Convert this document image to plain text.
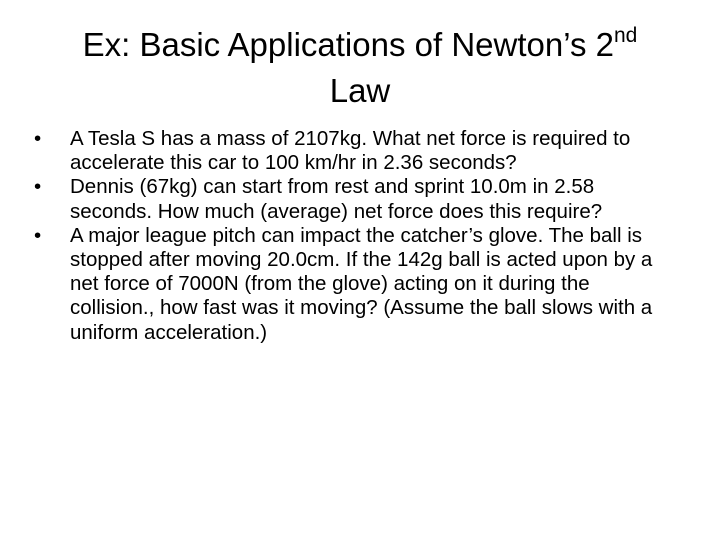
Ex: Basic Applications of Newton’s 2nd
Law
•	A Tesla S has a mass of 2107kg. What net force is required to accelerate this car to 100 km/hr in 2.36 seconds?
•	Dennis (67kg) can start from rest and sprint 10.0m in 2.58 seconds. How much (average) net force does this require?
•	A major league pitch can impact the catcher’s glove. The ball is stopped after moving 20.0cm. If the 142g ball is acted upon by a net force of 7000N (from the glove) acting on it during the collision., how fast was it moving? (Assume the ball slows with a uniform acceleration.)
